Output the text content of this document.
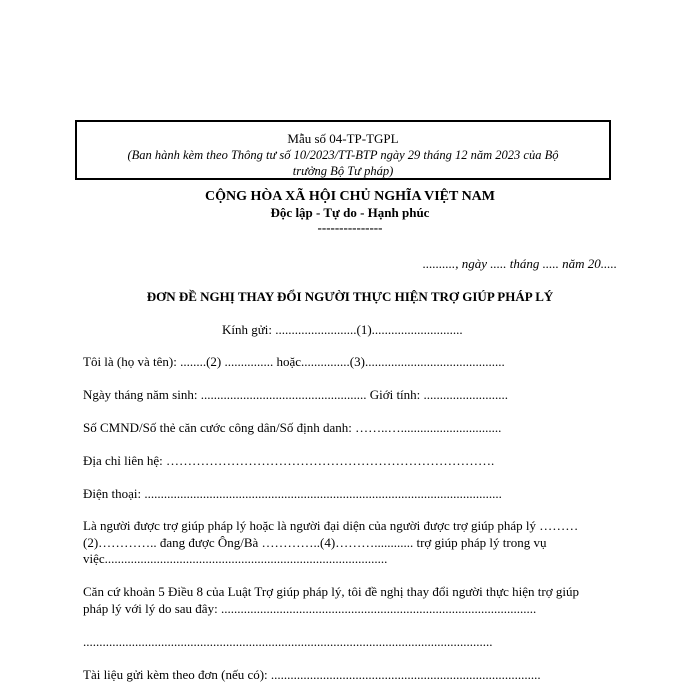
Mẫu số 04-TP-TGPL
(Ban hành kèm theo Thông tư số 10/2023/TT-BTP ngày 29 tháng 12 năm 2023 của Bộ
trưởng Bộ Tư pháp)
CỘNG HÒA XÃ HỘI CHỦ NGHĨA VIỆT NAM
Độc lập - Tự do - Hạnh phúc
---------------
.........., ngày ..... tháng ..... năm 20.....
ĐƠN ĐỀ NGHỊ THAY ĐỔI NGƯỜI THỰC HIỆN TRỢ GIÚP PHÁP LÝ
Kính gửi: .........................(1)............................
Tôi là (họ và tên): ........(2) ............... hoặc...............(3)...........................................
Ngày tháng năm sinh: ................................................... Giới tính: ..........................
Số CMND/Số thẻ căn cước công dân/Số định danh: ……..…...............................
Địa chỉ liên hệ: ………………………………………………………………….
Điện thoại: ..............................................................................................................
Là người được trợ giúp pháp lý hoặc là người đại diện của người được trợ giúp pháp lý ………
(2)………….. đang được Ông/Bà …………..(4)………............ trợ giúp pháp lý trong vụ
việc.......................................................................................
Căn cứ khoản 5 Điều 8 của Luật Trợ giúp pháp lý, tôi đề nghị thay đổi người thực hiện trợ giúp
pháp lý với lý do sau đây: .................................................................................................
..............................................................................................................................
Tài liệu gửi kèm theo đơn (nếu có): ...................................................................................
